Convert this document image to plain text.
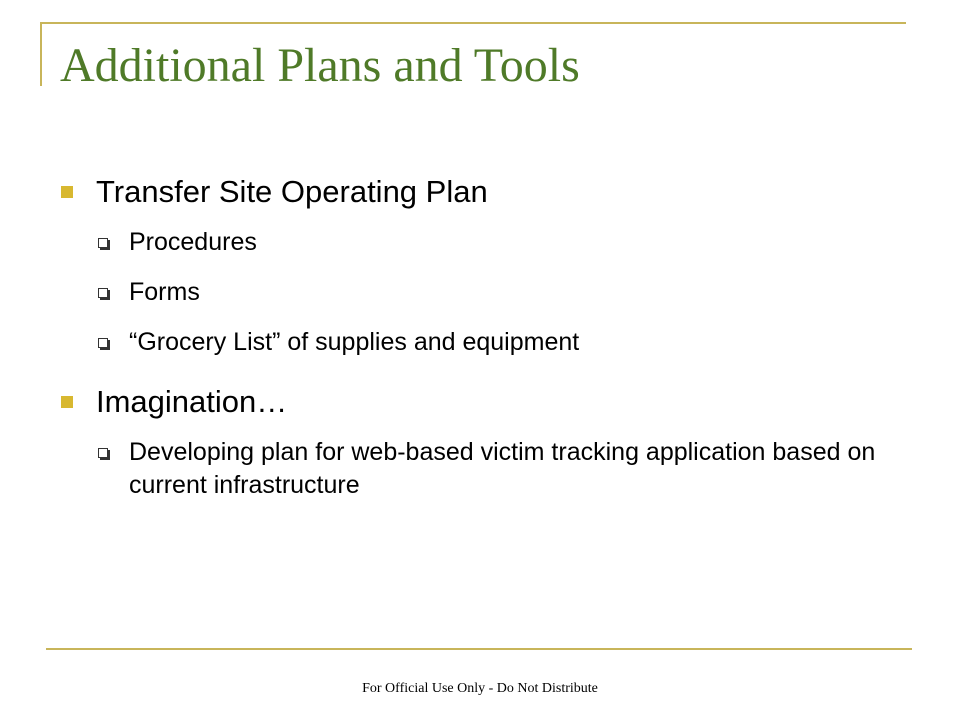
Additional Plans and Tools
Transfer Site Operating Plan
Procedures
Forms
“Grocery List” of supplies and equipment
Imagination…
Developing plan for web-based victim tracking application based on current infrastructure
For Official Use Only - Do Not Distribute
